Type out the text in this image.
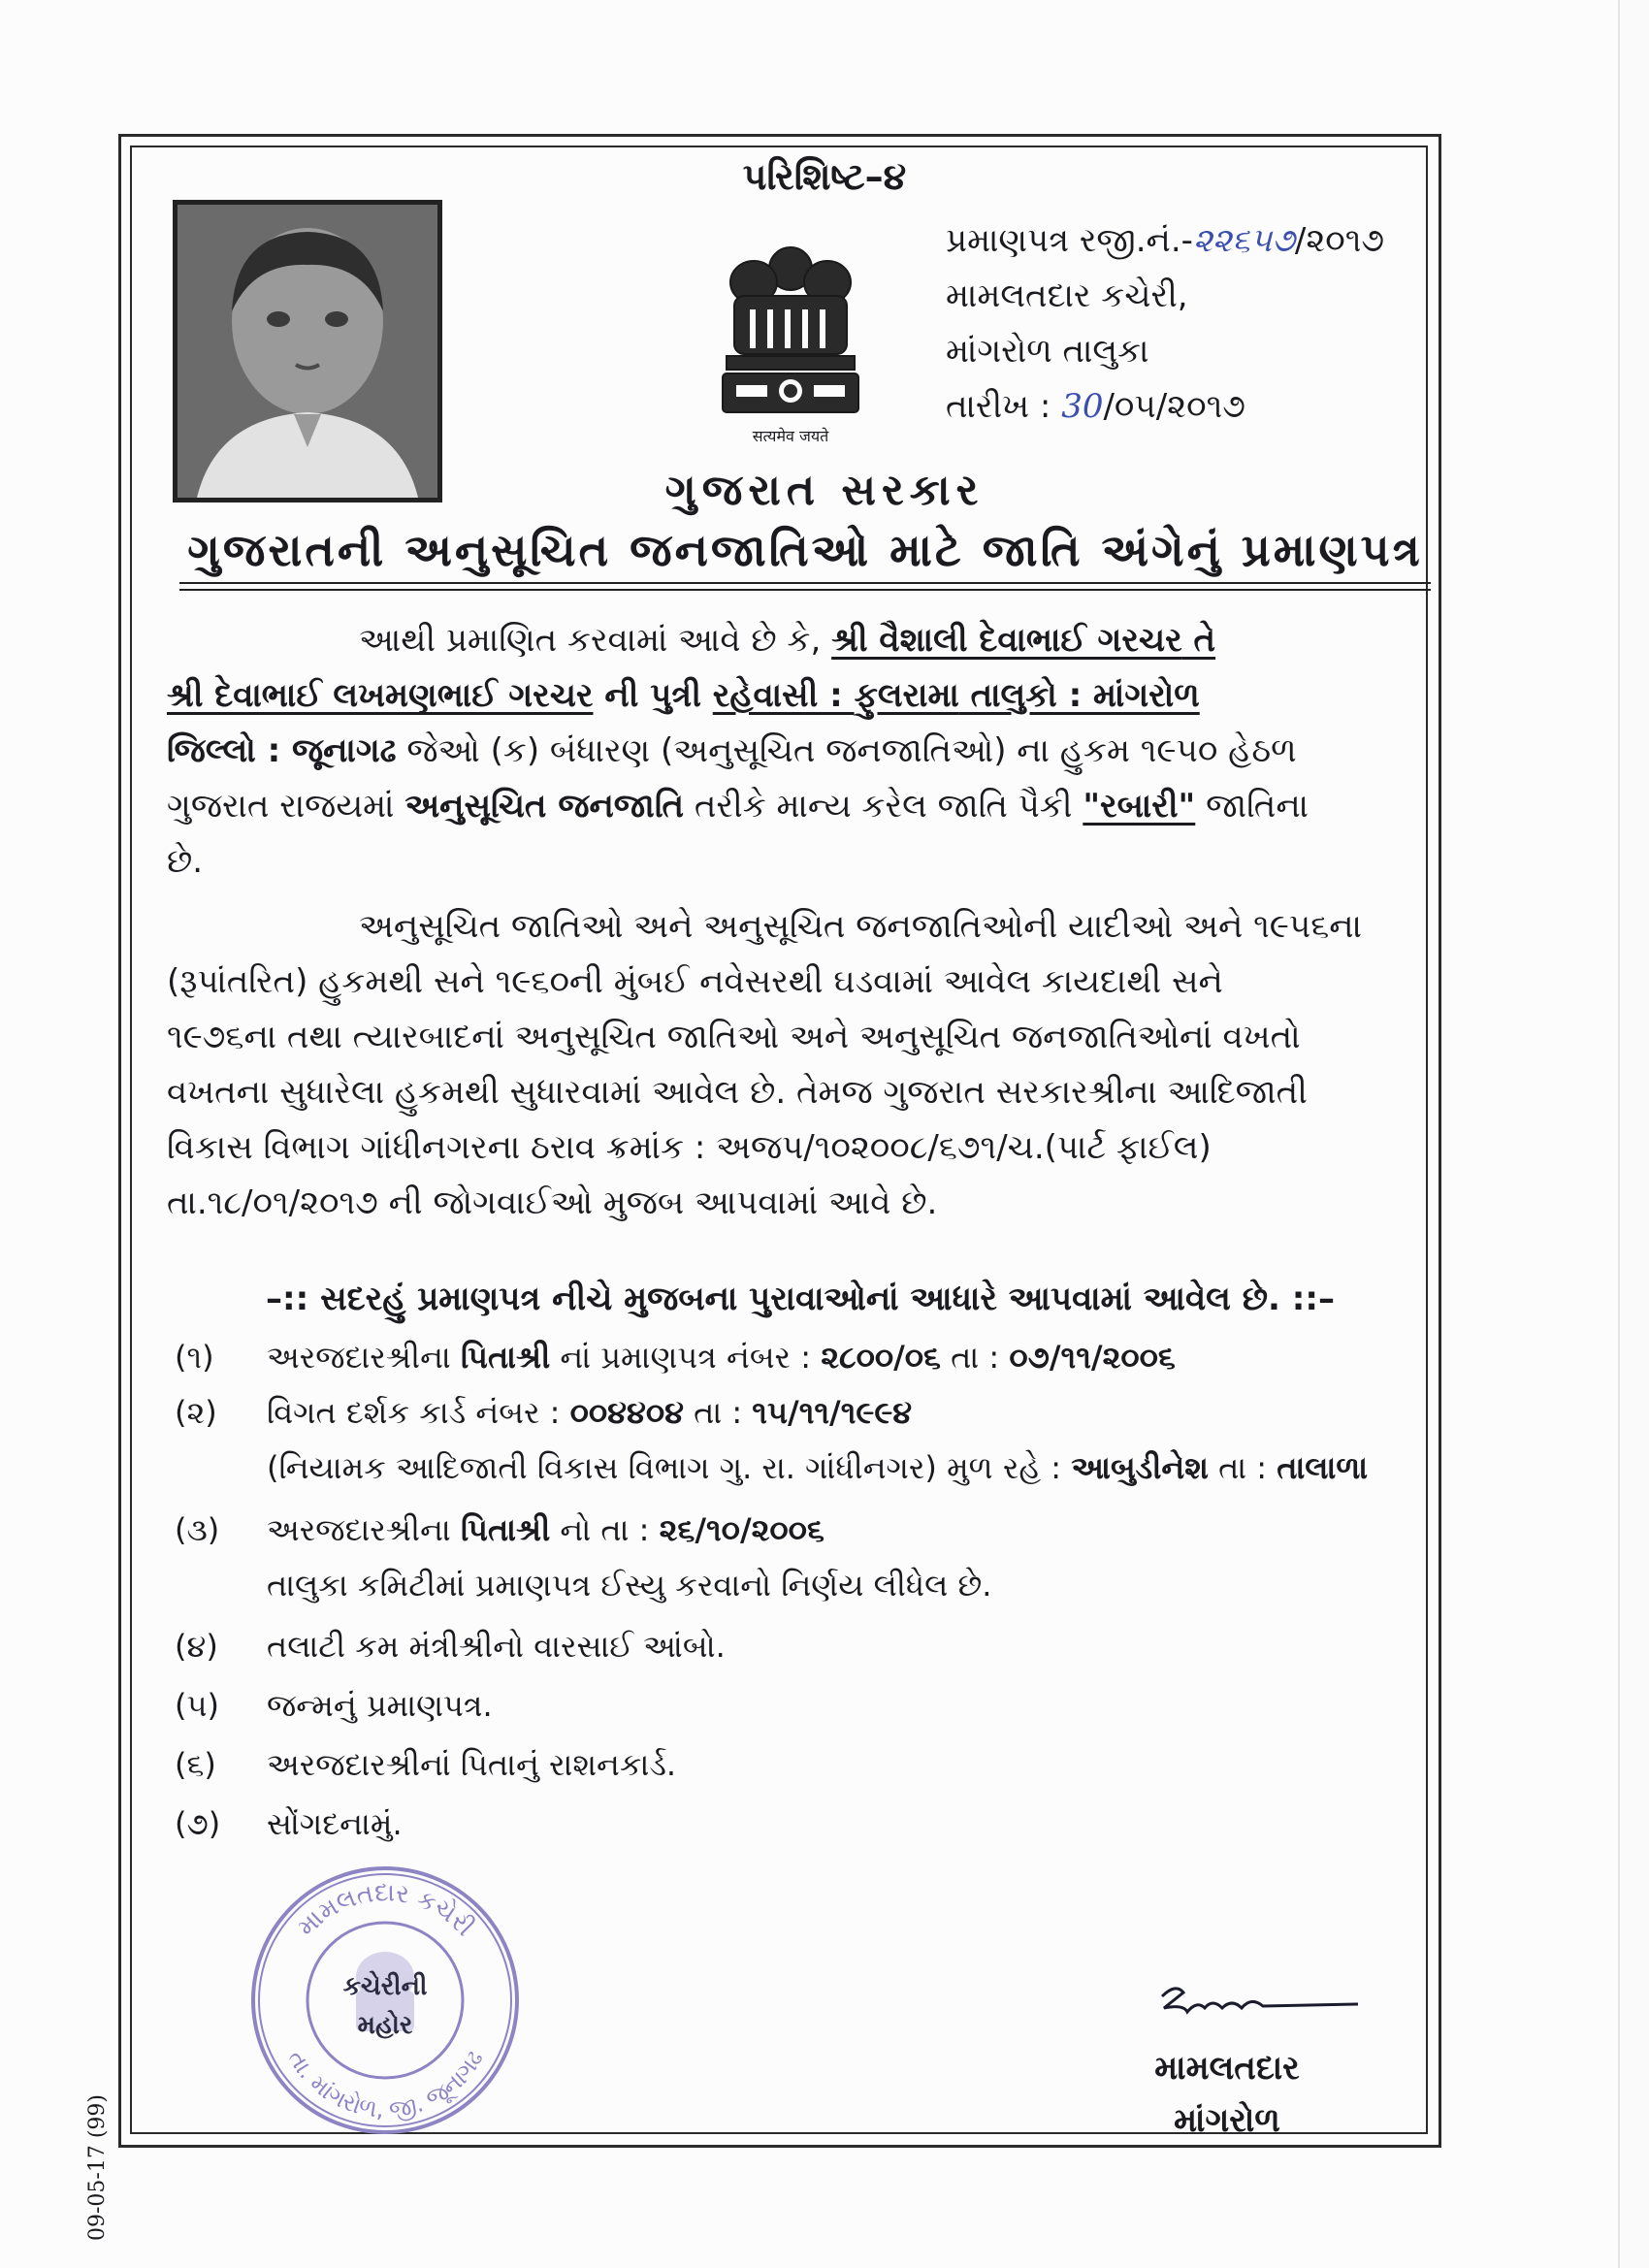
પરિશિષ્ટ–૪
सत्यमेव जयते
પ્રમાણપત્ર રજી.નં.-૨૨૬૫૭/૨૦૧૭
મામલતદાર કચેરી,
માંગરોળ તાલુકા
તારીખ : 30/૦૫/૨૦૧૭
ગુજરાત સરકાર
ગુજરાતની અનુસૂચિત જનજાતિઓ માટે જાતિ અંગેનું પ્રમાણપત્ર
આથી પ્રમાણિત કરવામાં આવે છે કે, શ્રી વૈશાલી દેવાભાઈ ગરચર તે
શ્રી દેવાભાઈ લખમણભાઈ ગરચર ની પુત્રી રહેવાસી : ફુલરામા તાલુકો : માંગરોળ
જિલ્લો : જૂનાગઢ જેઓ (ક) બંધારણ (અનુસૂચિત જનજાતિઓ) ના હુકમ ૧૯૫૦ હેઠળ
ગુજરાત રાજયમાં અનુસૂચિત જનજાતિ તરીકે માન્ય કરેલ જાતિ પૈકી "રબારી" જાતિના
છે.
અનુસૂચિત જાતિઓ અને અનુસૂચિત જનજાતિઓની યાદીઓ અને ૧૯૫૬ના
(રૂપાંતરિત) હુકમથી સને ૧૯૬૦ની મુંબઈ નવેસરથી ઘડવામાં આવેલ કાયદાથી સને
૧૯૭૬ના તથા ત્યારબાદનાં અનુસૂચિત જાતિઓ અને અનુસૂચિત જનજાતિઓનાં વખતો
વખતના સુધારેલા હુકમથી સુધારવામાં આવેલ છે. તેમજ ગુજરાત સરકારશ્રીના આદિજાતી
વિકાસ વિભાગ ગાંધીનગરના ઠરાવ ક્રમાંક : અજપ/૧૦૨૦૦૮/૬૭૧/ચ.(પાર્ટ ફાઈલ)
તા.૧૮/૦૧/૨૦૧૭ ની જોગવાઈઓ મુજબ આપવામાં આવે છે.
–:: સદરહું પ્રમાણપત્ર નીચે મુજબના પુરાવાઓનાં આધારે આપવામાં આવેલ છે. ::–
(૧) અરજદારશ્રીના પિતાશ્રી નાં પ્રમાણપત્ર નંબર : ૨૮૦૦/૦૬ તા : ૦૭/૧૧/૨૦૦૬
(૨) વિગત દર્શક કાર્ડ નંબર : ૦૦૪૪૦૪ તા : ૧૫/૧૧/૧૯૯૪
(નિયામક આદિજાતી વિકાસ વિભાગ ગુ. રા. ગાંધીનગર) મુળ રહે : આબુડીનેશ તા : તાલાળા
(૩) અરજદારશ્રીના પિતાશ્રી નો તા : ૨૬/૧૦/૨૦૦૬
તાલુકા કમિટીમાં પ્રમાણપત્ર ઈસ્યુ કરવાનો નિર્ણય લીધેલ છે.
(૪) તલાટી કમ મંત્રીશ્રીનો વારસાઈ આંબો.
(૫) જન્મનું પ્રમાણપત્ર.
(૬) અરજદારશ્રીનાં પિતાનું રાશનકાર્ડ.
(૭) સોંગદનામું.
મામલતદાર કચેરી
તા. માંગરોળ, જી. જૂનાગઢ
કચેરીની
મહોર
મામલતદાર
માંગરોળ
09-05-17 (99)
